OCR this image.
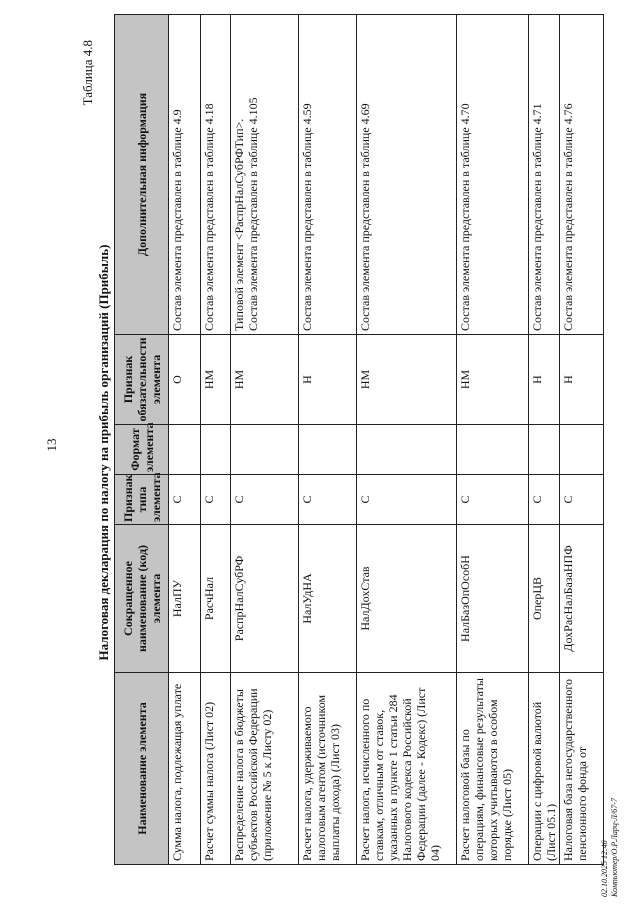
13
Таблица 4.8
Налоговая декларация по налогу на прибыль организаций (Прибыль)
Наименование элемента	Сокращенное наименование (код) элемента	Признак типа элемента	Формат элемента	Признак обязательности элемента	Дополнительная информация
Сумма налога, подлежащая уплате	НалПУ	С		О	Состав элемента представлен в таблице 4.9
Расчет суммы налога (Лист 02)	РасчНал	С		НМ	Состав элемента представлен в таблице 4.18
Распределение налога в бюджеты субъектов Российской Федерации (приложение № 5 к Листу 02)	РаспрНалСубРФ	С		НМ	Типовой элемент <РаспрНалСубРФТип>. Состав элемента представлен в таблице 4.105

Расчет налога, удерживаемого налоговым агентом (источником выплаты дохода) (Лист 03)	НалУдНА	С		Н	Состав элемента представлен в таблице 4.59
Расчет налога, исчисленного по ставкам, отличным от ставок, указанных в пункте 1 статьи 284 Налогового кодекса Российской Федерации (далее - Кодекс) (Лист 04)	НалДохСтав	С		НМ	Состав элемента представлен в таблице 4.69
Расчет налоговой базы по операциям, финансовые результаты которых учитываются в особом порядке (Лист 05)	НалБазОпОсобН	С		НМ	Состав элемента представлен в таблице 4.70
Операции с цифровой валютой (Лист 05.1)	ОперЦВ	С		Н	Состав элемента представлен в таблице 4.71
Налоговая база негосударственного пенсионного фонда от	ДохРасНалБазаНПФ	С		Н	Состав элемента представлен в таблице 4.76
02.10.2025 12:46 Компьютер/О.Р.Ларц-Л/67-7
